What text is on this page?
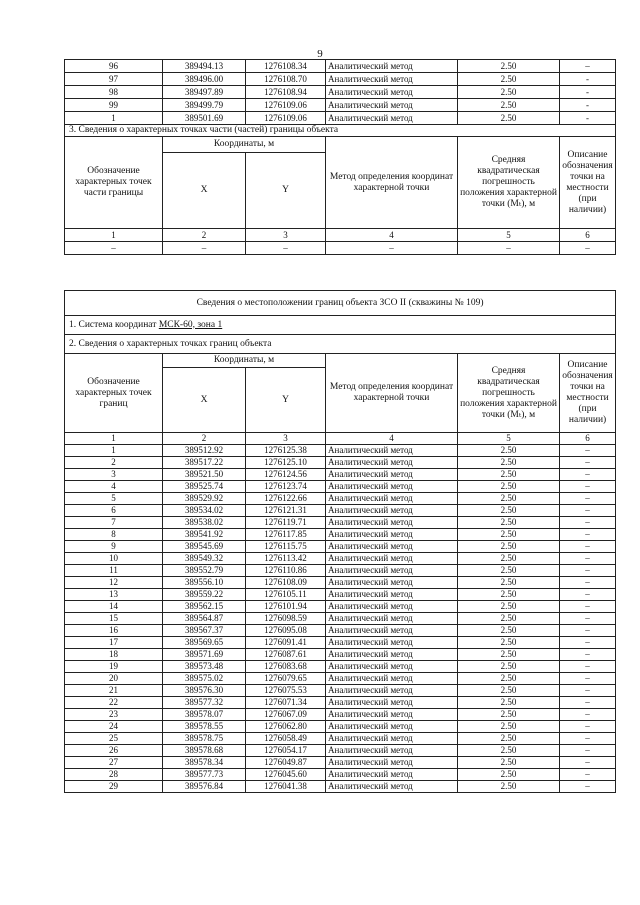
9
96	389494.13	1276108.34	Аналитический метод	2.50	–
97	389496.00	1276108.70	Аналитический метод	2.50	-
98	389497.89	1276108.94	Аналитический метод	2.50	-
99	389499.79	1276109.06	Аналитический метод	2.50	-
1	389501.69	1276109.06	Аналитический метод	2.50	-
3. Сведения о характерных точках части (частей) границы объекта					
Обозначение характерных точек части границы	Координаты, м		Метод определения координат характерной точки	Средняя квадратическая погрешность положения характерной точки (Mₜ), м	Описание обозначения точки на местности (при наличии)
	X	Y			
1	2	3	4	5	6
–	–	–	–	–	–
Сведения о местоположении границ объекта ЗСО II (скважины № 109)					
1. Система координат МСК-60, зона 1					
2. Сведения о характерных точках границ объекта					
Обозначение характерных точек границ	Координаты, м		Метод определения координат характерной точки	Средняя квадратическая погрешность положения характерной точки (Mₜ), м	Описание обозначения точки на местности (при наличии)
	X	Y			
1	2	3	4	5	6
1	389512.92	1276125.38	Аналитический метод	2.50	–
2	389517.22	1276125.10	Аналитический метод	2.50	–
3	389521.50	1276124.56	Аналитический метод	2.50	–
4	389525.74	1276123.74	Аналитический метод	2.50	–
5	389529.92	1276122.66	Аналитический метод	2.50	–
6	389534.02	1276121.31	Аналитический метод	2.50	–
7	389538.02	1276119.71	Аналитический метод	2.50	–
8	389541.92	1276117.85	Аналитический метод	2.50	–
9	389545.69	1276115.75	Аналитический метод	2.50	–
10	389549.32	1276113.42	Аналитический метод	2.50	–
11	389552.79	1276110.86	Аналитический метод	2.50	–
12	389556.10	1276108.09	Аналитический метод	2.50	–
13	389559.22	1276105.11	Аналитический метод	2.50	–
14	389562.15	1276101.94	Аналитический метод	2.50	–
15	389564.87	1276098.59	Аналитический метод	2.50	–
16	389567.37	1276095.08	Аналитический метод	2.50	–
17	389569.65	1276091.41	Аналитический метод	2.50	–
18	389571.69	1276087.61	Аналитический метод	2.50	–
19	389573.48	1276083.68	Аналитический метод	2.50	–
20	389575.02	1276079.65	Аналитический метод	2.50	–
21	389576.30	1276075.53	Аналитический метод	2.50	–
22	389577.32	1276071.34	Аналитический метод	2.50	–
23	389578.07	1276067.09	Аналитический метод	2.50	–
24	389578.55	1276062.80	Аналитический метод	2.50	–
25	389578.75	1276058.49	Аналитический метод	2.50	–
26	389578.68	1276054.17	Аналитический метод	2.50	–
27	389578.34	1276049.87	Аналитический метод	2.50	–
28	389577.73	1276045.60	Аналитический метод	2.50	–
29	389576.84	1276041.38	Аналитический метод	2.50	–
